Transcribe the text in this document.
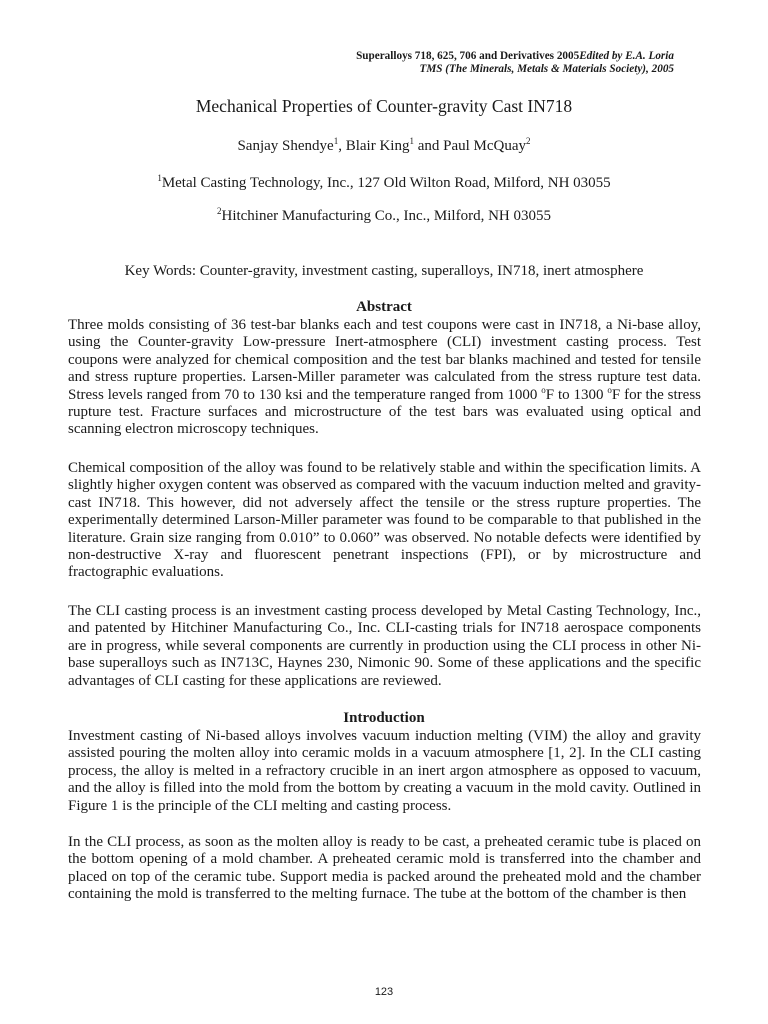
Superalloys 718, 625, 706 and Derivatives 2005Edited by E.A. Loria
TMS (The Minerals, Metals & Materials Society), 2005
Mechanical Properties of Counter-gravity Cast IN718
Sanjay Shendye$^1$, Blair King$^1$ and Paul McQuay$^2$
$^1$Metal Casting Technology, Inc., 127 Old Wilton Road, Milford, NH 03055
$^2$Hitchiner Manufacturing Co., Inc., Milford, NH 03055
Key Words: Counter-gravity, investment casting, superalloys, IN718, inert atmosphere
Abstract

Three molds consisting of 36 test-bar blanks each and test coupons were cast in IN718, a Ni-base alloy, using the Counter-gravity Low-pressure Inert-atmosphere (CLI) investment casting process. Test coupons were analyzed for chemical composition and the test bar blanks machined and tested for tensile and stress rupture properties. Larsen-Miller parameter was calculated from the stress rupture test data. Stress levels ranged from 70 to 130 ksi and the temperature ranged from 1000 $^o$F to 1300 $^o$F for the stress rupture test. Fracture surfaces and microstructure of the test bars was evaluated using optical and scanning electron microscopy techniques.

Chemical composition of the alloy was found to be relatively stable and within the specification limits. A slightly higher oxygen content was observed as compared with the vacuum induction melted and gravity-cast IN718. This however, did not adversely affect the tensile or the stress rupture properties. The experimentally determined Larson-Miller parameter was found to be comparable to that published in the literature. Grain size ranging from 0.010” to 0.060” was observed. No notable defects were identified by non-destructive X-ray and fluorescent penetrant inspections (FPI), or by microstructure and fractographic evaluations.

The CLI casting process is an investment casting process developed by Metal Casting Technology, Inc., and patented by Hitchiner Manufacturing Co., Inc. CLI-casting trials for IN718 aerospace components are in progress, while several components are currently in production using the CLI process in other Ni-base superalloys such as IN713C, Haynes 230, Nimonic 90. Some of these applications and the specific advantages of CLI casting for these applications are reviewed.

Introduction

Investment casting of Ni-based alloys involves vacuum induction melting (VIM) the alloy and gravity assisted pouring the molten alloy into ceramic molds in a vacuum atmosphere [1, 2]. In the CLI casting process, the alloy is melted in a refractory crucible in an inert argon atmosphere as opposed to vacuum, and the alloy is filled into the mold from the bottom by creating a vacuum in the mold cavity. Outlined in Figure 1 is the principle of the CLI melting and casting process.

In the CLI process, as soon as the molten alloy is ready to be cast, a preheated ceramic tube is placed on the bottom opening of a mold chamber. A preheated ceramic mold is transferred into the chamber and placed on top of the ceramic tube. Support media is packed around the preheated mold and the chamber containing the mold is transferred to the melting furnace. The tube at the bottom of the chamber is then

123
